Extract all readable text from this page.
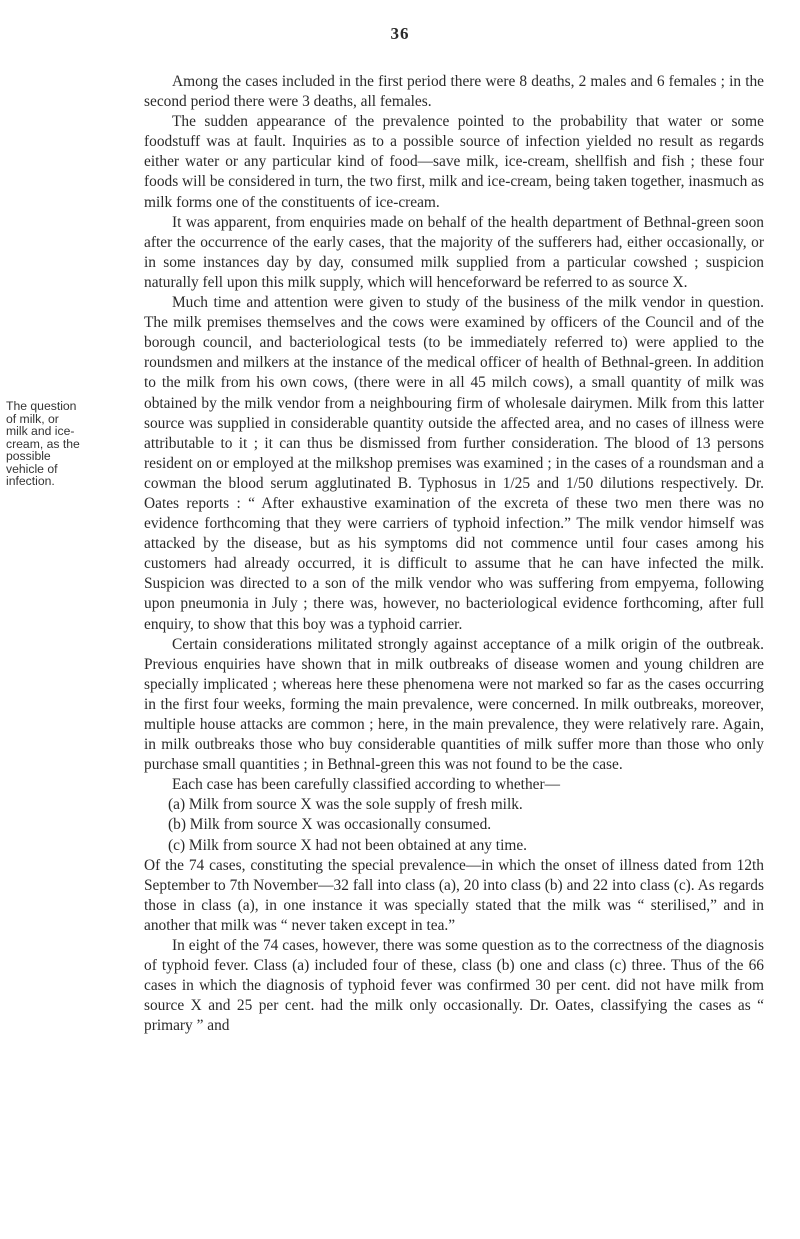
36
The question
of milk, or
milk and ice-
cream, as the
possible
vehicle of
infection.

Among the cases included in the first period there were 8 deaths, 2 males and 6 females ; in the second period there were 3 deaths, all females.

The sudden appearance of the prevalence pointed to the probability that water or some foodstuff was at fault. Inquiries as to a possible source of infection yielded no result as regards either water or any particular kind of food—save milk, ice-cream, shellfish and fish ; these four foods will be considered in turn, the two first, milk and ice-cream, being taken together, inasmuch as milk forms one of the constituents of ice-cream.

It was apparent, from enquiries made on behalf of the health department of Bethnal-green soon after the occurrence of the early cases, that the majority of the sufferers had, either occasionally, or in some instances day by day, consumed milk supplied from a particular cowshed ; suspicion naturally fell upon this milk supply, which will henceforward be referred to as source X.

Much time and attention were given to study of the business of the milk vendor in question. The milk premises themselves and the cows were examined by officers of the Council and of the borough council, and bacteriological tests (to be immediately referred to) were applied to the roundsmen and milkers at the instance of the medical officer of health of Bethnal-green. In addition to the milk from his own cows, (there were in all 45 milch cows), a small quantity of milk was obtained by the milk vendor from a neighbouring firm of wholesale dairymen. Milk from this latter source was supplied in considerable quantity outside the affected area, and no cases of illness were attributable to it ; it can thus be dismissed from further consideration. The blood of 13 persons resident on or employed at the milkshop premises was examined ; in the cases of a roundsman and a cowman the blood serum agglutinated B. Typhosus in 1/25 and 1/50 dilutions respectively. Dr. Oates reports : “ After exhaustive examination of the excreta of these two men there was no evidence forthcoming that they were carriers of typhoid infection.” The milk vendor himself was attacked by the disease, but as his symptoms did not commence until four cases among his customers had already occurred, it is difficult to assume that he can have infected the milk. Suspicion was directed to a son of the milk vendor who was suffering from empyema, following upon pneumonia in July ; there was, however, no bacteriological evidence forthcoming, after full enquiry, to show that this boy was a typhoid carrier.

Certain considerations militated strongly against acceptance of a milk origin of the outbreak. Previous enquiries have shown that in milk outbreaks of disease women and young children are specially implicated ; whereas here these phenomena were not marked so far as the cases occurring in the first four weeks, forming the main prevalence, were concerned. In milk outbreaks, moreover, multiple house attacks are common ; here, in the main prevalence, they were relatively rare. Again, in milk outbreaks those who buy considerable quantities of milk suffer more than those who only purchase small quantities ; in Bethnal-green this was not found to be the case.

Each case has been carefully classified according to whether—

(a) Milk from source X was the sole supply of fresh milk.

(b) Milk from source X was occasionally consumed.

(c) Milk from source X had not been obtained at any time.

Of the 74 cases, constituting the special prevalence—in which the onset of illness dated from 12th September to 7th November—32 fall into class (a), 20 into class (b) and 22 into class (c). As regards those in class (a), in one instance it was specially stated that the milk was “ sterilised,” and in another that milk was “ never taken except in tea.”

In eight of the 74 cases, however, there was some question as to the correctness of the diagnosis of typhoid fever. Class (a) included four of these, class (b) one and class (c) three. Thus of the 66 cases in which the diagnosis of typhoid fever was confirmed 30 per cent. did not have milk from source X and 25 per cent. had the milk only occasionally. Dr. Oates, classifying the cases as “ primary ” and
